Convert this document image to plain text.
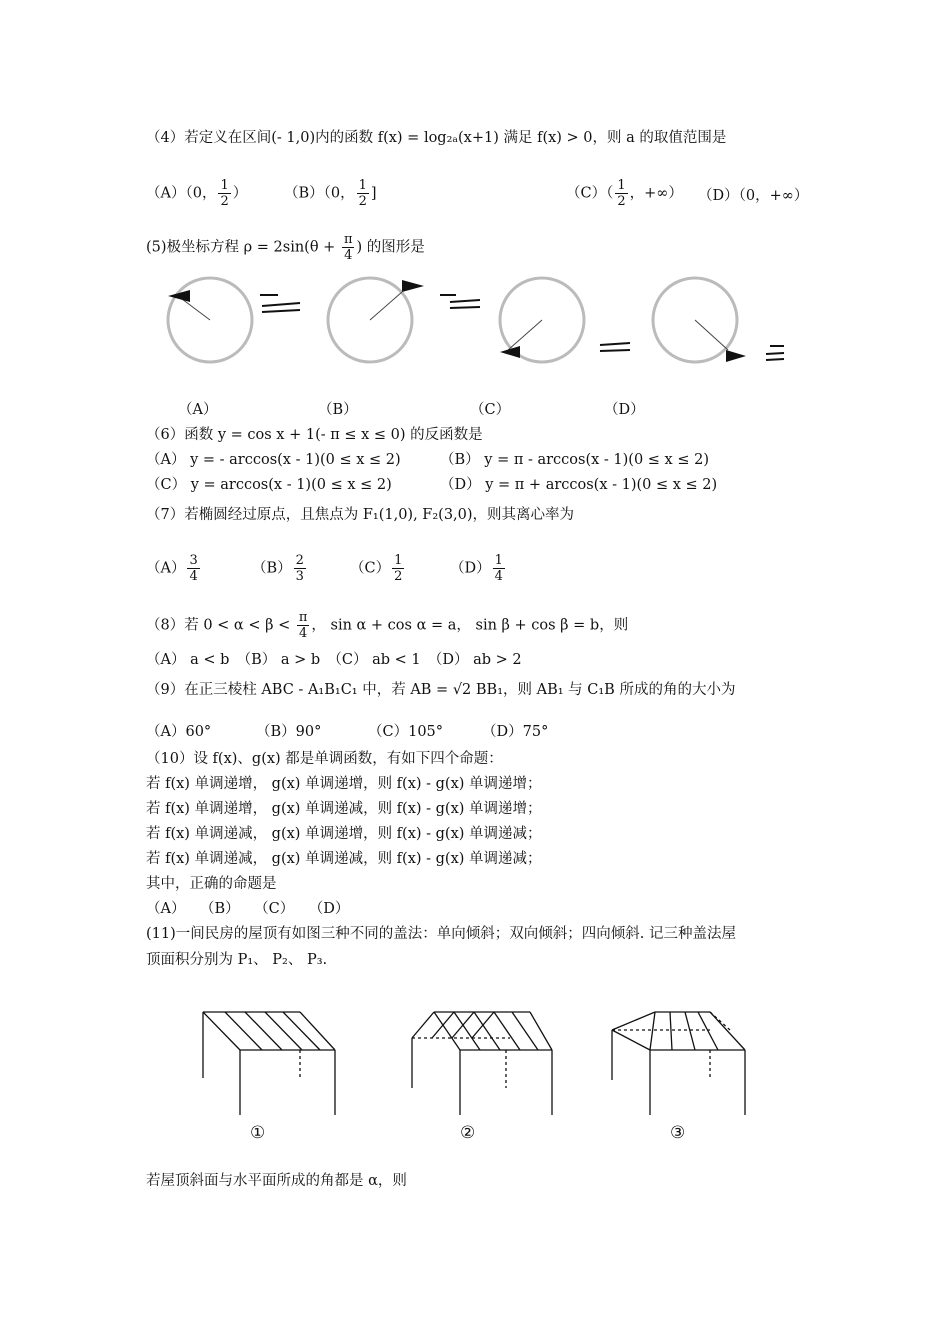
（4）若定义在区间(- 1,0)内的函数 f(x) = log₂ₐ(x+1) 满足 f(x) > 0，则 a 的取值范围是
（A）（0， $\frac{1}{2}$ ）	（B）（0， $\frac{1}{2}$ ]	$(C)( \frac{1}{2}$ ，+∞） （D）（0，+∞）
(5)极坐标方程 $\rho = 2\sin(\theta + \frac{\pi}{4}$ ) 的图形是
（A）	（B）	（C）	（D）
（6）函数 y = cos x + 1(- π ≤ x ≤ 0) 的反函数是
（A） y = - arccos(x - 1)(0 ≤ x ≤ 2)	（B） y = π - arccos(x - 1)(0 ≤ x ≤ 2)
（C） y = arccos(x - 1)(0 ≤ x ≤ 2)	（D） y = π + arccos(x - 1)(0 ≤ x ≤ 2)
（7）若椭圆经过原点，且焦点为 F₁(1,0), F₂(3,0)，则其离心率为
$(A) \frac{3}{4}$	$(B) \frac{2}{3}$	$(C) \frac{1}{2}$	$(D) \frac{1}{4}$
（8）若 $0 < \alpha < \beta < \frac{\pi}{4}$ ， sin α + cos α = a， sin β + cos β = b，则
（A） a < b　（B） a > b　（C） ab < 1　（D） ab > 2
（9）在正三棱柱 ABC - A₁B₁C₁ 中，若 AB = √2 BB₁，则 AB₁ 与 C₁B 所成的角的大小为
（A）60°	（B）90°	（C）105°	（D）75°
（10）设 f(x)、g(x) 都是单调函数，有如下四个命题：
若 f(x) 单调递增， g(x) 单调递增，则 f(x) - g(x) 单调递增；
若 f(x) 单调递增， g(x) 单调递减，则 f(x) - g(x) 单调递增；
若 f(x) 单调递减， g(x) 单调递增，则 f(x) - g(x) 单调递减；
若 f(x) 单调递减， g(x) 单调递减，则 f(x) - g(x) 单调递减；
其中，正确的命题是
（A）　　（B）　　（C）　　（D）
(11)一间民房的屋顶有如图三种不同的盖法：单向倾斜；双向倾斜；四向倾斜. 记三种盖法屋
顶面积分别为 P₁、 P₂、 P₃.
①	②	③
若屋顶斜面与水平面所成的角都是 α，则
